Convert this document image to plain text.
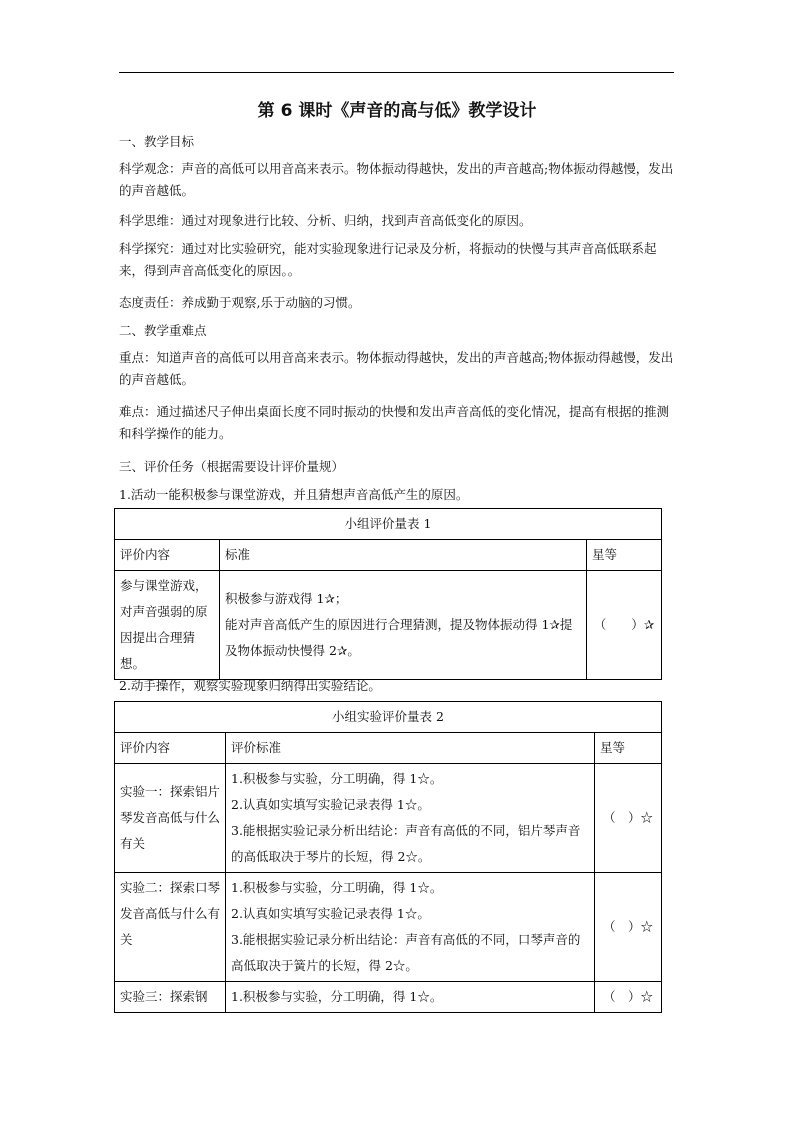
第 6 课时《声音的高与低》教学设计

一、教学目标

科学观念：声音的高低可以用音高来表示。物体振动得越快，发出的声音越高;物体振动得越慢，发出的声音越低。

科学思维：通过对现象进行比较、分析、归纳，找到声音高低变化的原因。

科学探究：通过对比实验研究，能对实验现象进行记录及分析，将振动的快慢与其声音高低联系起来，得到声音高低变化的原因。。

态度责任：养成勤于观察,乐于动脑的习惯。

二、教学重难点

重点：知道声音的高低可以用音高来表示。物体振动得越快，发出的声音越高;物体振动得越慢，发出的声音越低。

难点：通过描述尺子伸出桌面长度不同时振动的快慢和发出声音高低的变化情况，提高有根据的推测和科学操作的能力。

三、评价任务（根据需要设计评价量规）

1.活动一能积极参与课堂游戏，并且猜想声音高低产生的原因。

小组评价量表 1		
评价内容	标准	星等
参与课堂游戏，对声音强弱的原因提出合理猜想。	积极参与游戏得 1✰；
能对声音高低产生的原因进行合理猜测，提及物体振动得 1✰提及物体振动快慢得 2✰。	（　　）✰

2.动手操作，观察实验现象归纳得出实验结论。

小组实验评价量表 2		
评价内容	评价标准	星等
实验一：探索铝片琴发音高低与什么有关	1.积极参与实验，分工明确，得 1☆。
2.认真如实填写实验记录表得 1☆。
3.能根据实验记录分析出结论：声音有高低的不同，铝片琴声音的高低取决于琴片的长短，得 2☆。	（　）☆
实验二：探索口琴发音高低与什么有关	1.积极参与实验，分工明确，得 1☆。
2.认真如实填写实验记录表得 1☆。
3.能根据实验记录分析出结论：声音有高低的不同，口琴声音的高低取决于簧片的长短，得 2☆。	（　）☆
实验三：探索钢	1.积极参与实验，分工明确，得 1☆。	（　）☆
